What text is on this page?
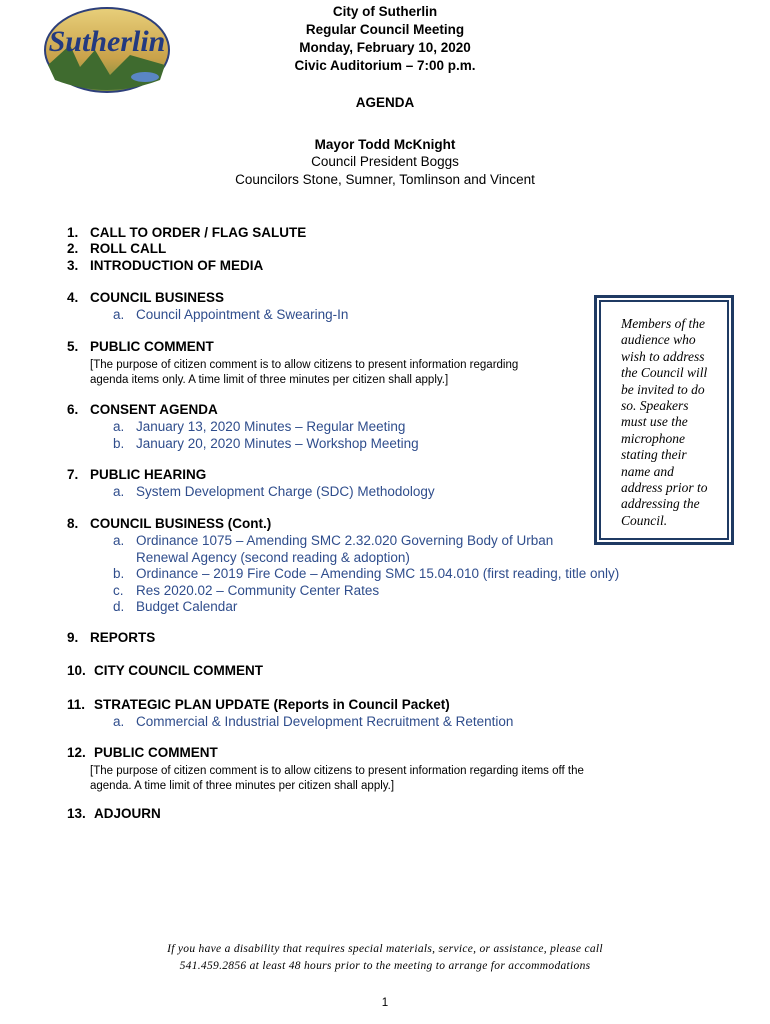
Sutherlin
City of Sutherlin
Regular Council Meeting
Monday, February 10, 2020
Civic Auditorium – 7:00 p.m.
AGENDA
Mayor Todd McKnight
Council President Boggs
Councilors Stone, Sumner, Tomlinson and Vincent
1. CALL TO ORDER / FLAG SALUTE
2. ROLL CALL
3. INTRODUCTION OF MEDIA
4. COUNCIL BUSINESS
a. Council Appointment & Swearing-In
5. PUBLIC COMMENT
[The purpose of citizen comment is to allow citizens to present information regarding
agenda items only. A time limit of three minutes per citizen shall apply.]
6. CONSENT AGENDA
a. January 13, 2020 Minutes – Regular Meeting
b. January 20, 2020 Minutes – Workshop Meeting
7. PUBLIC HEARING
a. System Development Charge (SDC) Methodology
8. COUNCIL BUSINESS (Cont.)
a. Ordinance 1075 – Amending SMC 2.32.020 Governing Body of Urban
Renewal Agency (second reading & adoption)
b. Ordinance – 2019 Fire Code – Amending SMC 15.04.010 (first reading, title only)
c. Res 2020.02 – Community Center Rates
d. Budget Calendar
9. REPORTS
10. CITY COUNCIL COMMENT
11. STRATEGIC PLAN UPDATE (Reports in Council Packet)
a. Commercial & Industrial Development Recruitment & Retention
12. PUBLIC COMMENT
[The purpose of citizen comment is to allow citizens to present information regarding items off the
agenda. A time limit of three minutes per citizen shall apply.]
13. ADJOURN
Members of the
audience who
wish to address
the Council will
be invited to do
so. Speakers
must use the
microphone
stating their
name and
address prior to
addressing the
Council.
If you have a disability that requires special materials, service, or assistance, please call
541.459.2856 at least 48 hours prior to the meeting to arrange for accommodations
1
